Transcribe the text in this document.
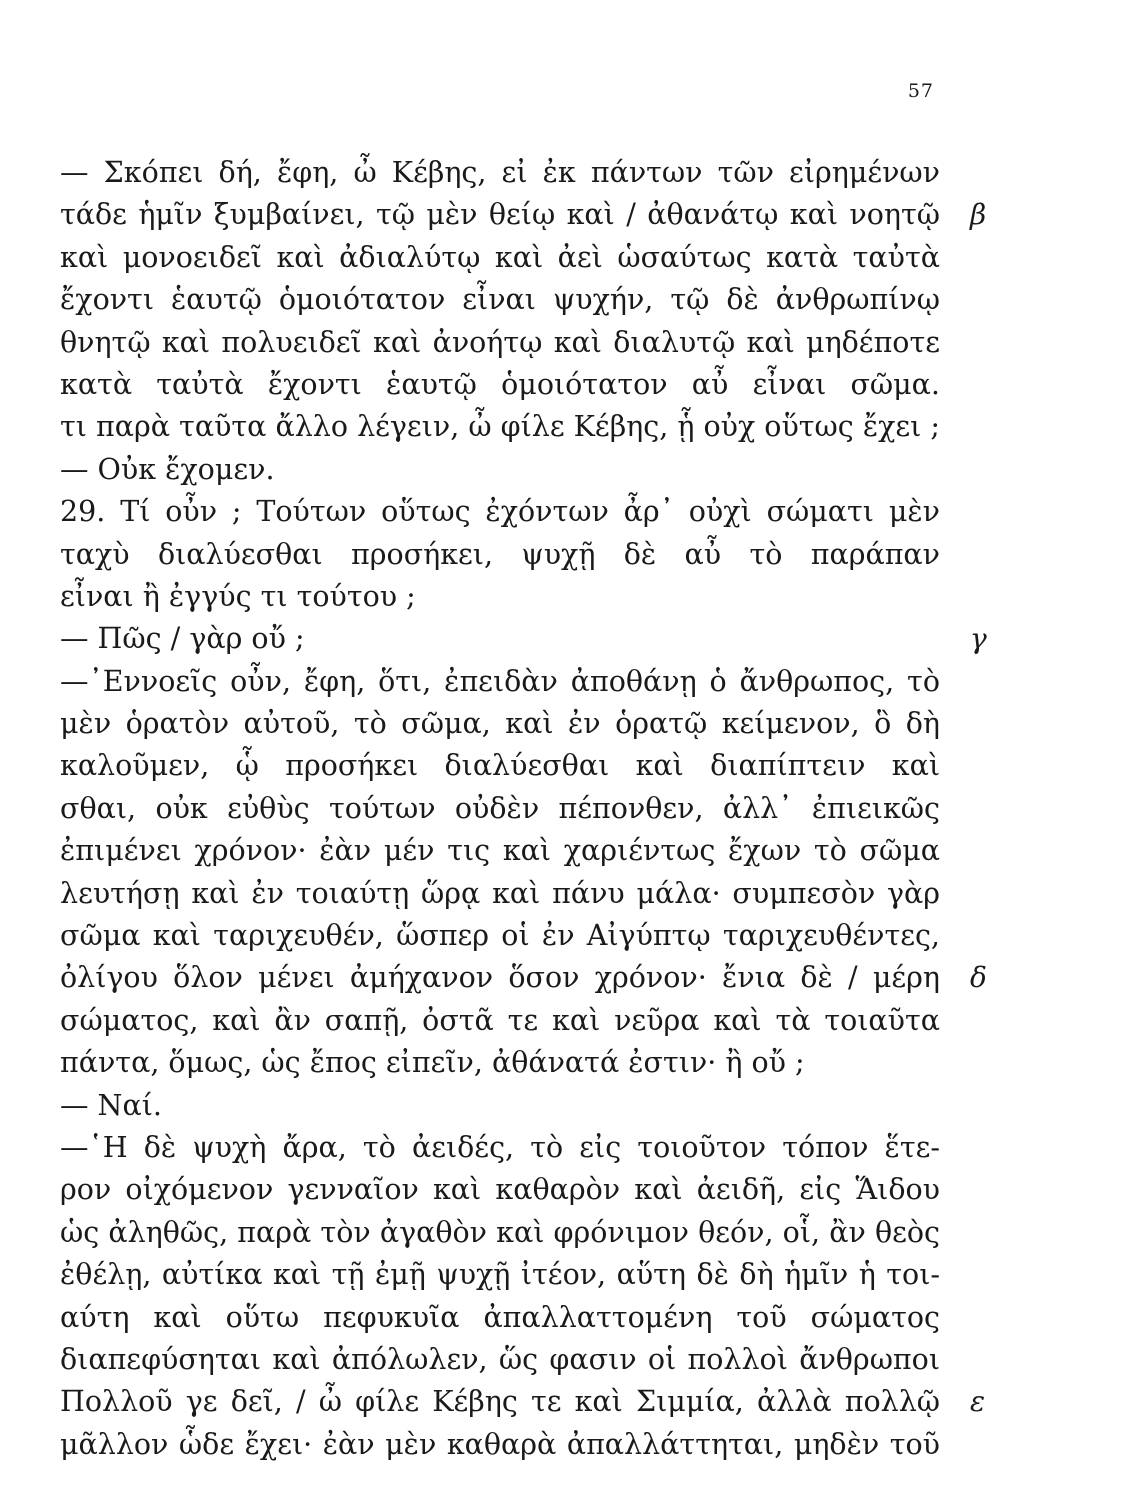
57
— Σκόπει δή, ἔφη, ὦ Κέβης, εἰ ἐκ πάντων τῶν εἰρημένων
τάδε ἡμῖν ξυμβαίνει, τῷ μὲν θείῳ καὶ / ἀθανάτῳ καὶ νοητῷ β
καὶ μονοειδεῖ καὶ ἀδιαλύτῳ καὶ ἀεὶ ὡσαύτως κατὰ ταὐτὰ
ἔχοντι ἑαυτῷ ὁμοιότατον εἶναι ψυχήν, τῷ δὲ ἀνθρωπίνῳ
θνητῷ καὶ πολυειδεῖ καὶ ἀνοήτῳ καὶ διαλυτῷ καὶ μηδέποτε
κατὰ ταὐτὰ ἔχοντι ἑαυτῷ ὁμοιότατον αὖ εἶναι σῶμα.
τι παρὰ ταῦτα ἄλλο λέγειν, ὦ φίλε Κέβης, ᾗ οὐχ οὕτως ἔχει ;
— Οὐκ ἔχομεν.
29. Τί οὖν ; Τούτων οὕτως ἐχόντων ἆρ᾿ οὐχὶ σώματι μὲν
ταχὺ διαλύεσθαι προσήκει, ψυχῇ δὲ αὖ τὸ παράπαν
εἶναι ἢ ἐγγύς τι τούτου ;
— Πῶς / γὰρ οὔ ;	γ
—᾿Εννοεῖς οὖν, ἔφη, ὅτι, ἐπειδὰν ἀποθάνῃ ὁ ἄνθρωπος, τὸ
μὲν ὁρατὸν αὐτοῦ, τὸ σῶμα, καὶ ἐν ὁρατῷ κείμενον, ὃ δὴ
καλοῦμεν, ᾧ προσήκει διαλύεσθαι καὶ διαπίπτειν καὶ
σθαι, οὐκ εὐθὺς τούτων οὐδὲν πέπονθεν, ἀλλ᾿ ἐπιεικῶς
ἐπιμένει χρόνον· ἐὰν μέν τις καὶ χαριέντως ἔχων τὸ σῶμα
λευτήσῃ καὶ ἐν τοιαύτῃ ὥρᾳ καὶ πάνυ μάλα· συμπεσὸν γὰρ
σῶμα καὶ ταριχευθέν, ὥσπερ οἱ ἐν Αἰγύπτῳ ταριχευθέντες,
ὀλίγου ὅλον μένει ἀμήχανον ὅσον χρόνον· ἔνια δὲ / μέρη δ
σώματος, καὶ ἂν σαπῇ, ὀστᾶ τε καὶ νεῦρα καὶ τὰ τοιαῦτα
πάντα, ὅμως, ὡς ἔπος εἰπεῖν, ἀθάνατά ἐστιν· ἢ οὔ ;
— Ναί.
—῾Η δὲ ψυχὴ ἄρα, τὸ ἀειδές, τὸ εἰς τοιοῦτον τόπον ἕτε-
ρον οἰχόμενον γενναῖον καὶ καθαρὸν καὶ ἀειδῆ, εἰς Ἅιδου
ὡς ἀληθῶς, παρὰ τὸν ἀγαθὸν καὶ φρόνιμον θεόν, οἷ, ἂν θεὸς
ἐθέλῃ, αὐτίκα καὶ τῇ ἐμῇ ψυχῇ ἰτέον, αὕτη δὲ δὴ ἡμῖν ἡ τοι-
αύτη καὶ οὕτω πεφυκυῖα ἀπαλλαττομένη τοῦ σώματος
διαπεφύσηται καὶ ἀπόλωλεν, ὥς φασιν οἱ πολλοὶ ἄνθρωποι
Πολλοῦ γε δεῖ, / ὦ φίλε Κέβης τε καὶ Σιμμία, ἀλλὰ πολλῷ ε
μᾶλλον ὧδε ἔχει· ἐὰν μὲν καθαρὰ ἀπαλλάττηται, μηδὲν τοῦ
